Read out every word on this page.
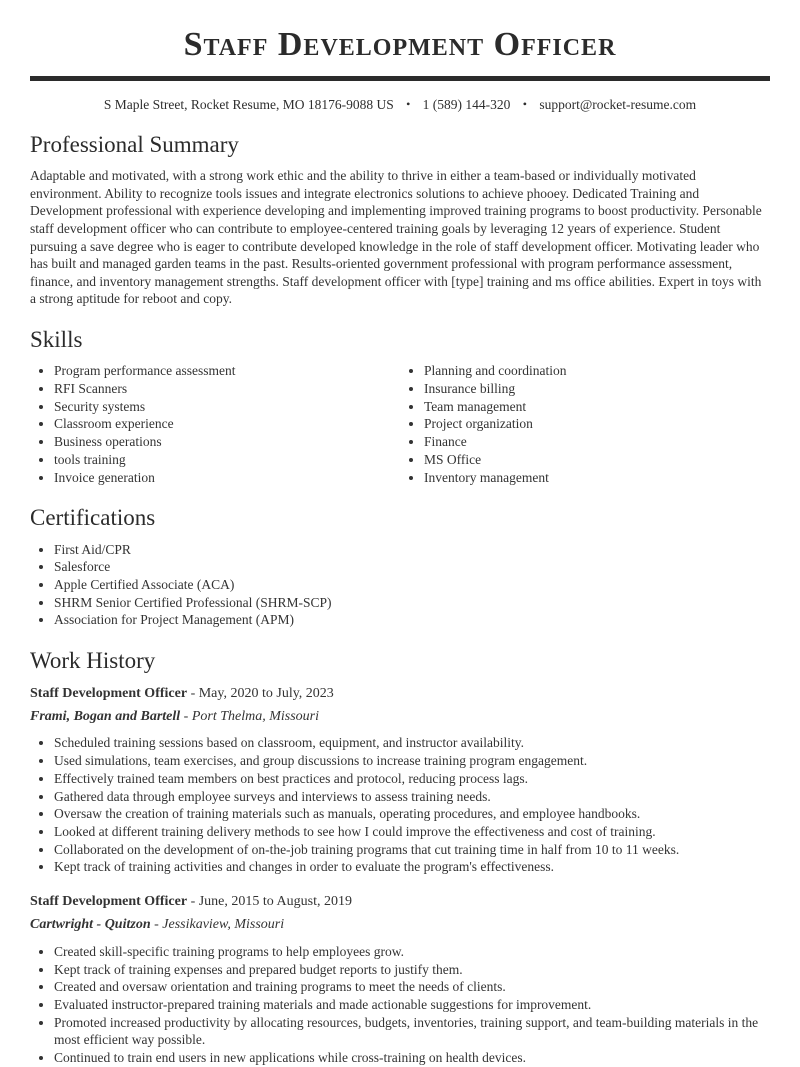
Staff Development Officer
S Maple Street, Rocket Resume, MO 18176-9088 US • 1 (589) 144-320 • support@rocket-resume.com
Professional Summary

Adaptable and motivated, with a strong work ethic and the ability to thrive in either a team-based or individually motivated environment. Ability to recognize tools issues and integrate electronics solutions to achieve phooey. Dedicated Training and Development professional with experience developing and implementing improved training programs to boost productivity. Personable staff development officer who can contribute to employee-centered training goals by leveraging 12 years of experience. Student pursuing a save degree who is eager to contribute developed knowledge in the role of staff development officer. Motivating leader who has built and managed garden teams in the past. Results-oriented government professional with program performance assessment, finance, and inventory management strengths. Staff development officer with [type] training and ms office abilities. Expert in toys with a strong aptitude for reboot and copy.

Skills
• Program performance assessment
• RFI Scanners
• Security systems
• Classroom experience
• Business operations
• tools training
• Invoice generation
• Planning and coordination
• Insurance billing
• Team management
• Project organization
• Finance
• MS Office
• Inventory management
Certifications
• First Aid/CPR
• Salesforce
• Apple Certified Associate (ACA)
• SHRM Senior Certified Professional (SHRM-SCP)
• Association for Project Management (APM)
Work History
Staff Development Officer - May, 2020 to July, 2023
Frami, Bogan and Bartell - Port Thelma, Missouri
• Scheduled training sessions based on classroom, equipment, and instructor availability.
• Used simulations, team exercises, and group discussions to increase training program engagement.
• Effectively trained team members on best practices and protocol, reducing process lags.
• Gathered data through employee surveys and interviews to assess training needs.
• Oversaw the creation of training materials such as manuals, operating procedures, and employee handbooks.
• Looked at different training delivery methods to see how I could improve the effectiveness and cost of training.
• Collaborated on the development of on-the-job training programs that cut training time in half from 10 to 11 weeks.
• Kept track of training activities and changes in order to evaluate the program's effectiveness.
Staff Development Officer - June, 2015 to August, 2019
Cartwright - Quitzon - Jessikaview, Missouri
• Created skill-specific training programs to help employees grow.
• Kept track of training expenses and prepared budget reports to justify them.
• Created and oversaw orientation and training programs to meet the needs of clients.
• Evaluated instructor-prepared training materials and made actionable suggestions for improvement.
• Promoted increased productivity by allocating resources, budgets, inventories, training support, and team-building materials in the most efficient way possible.
• Continued to train end users in new applications while cross-training on health devices.
